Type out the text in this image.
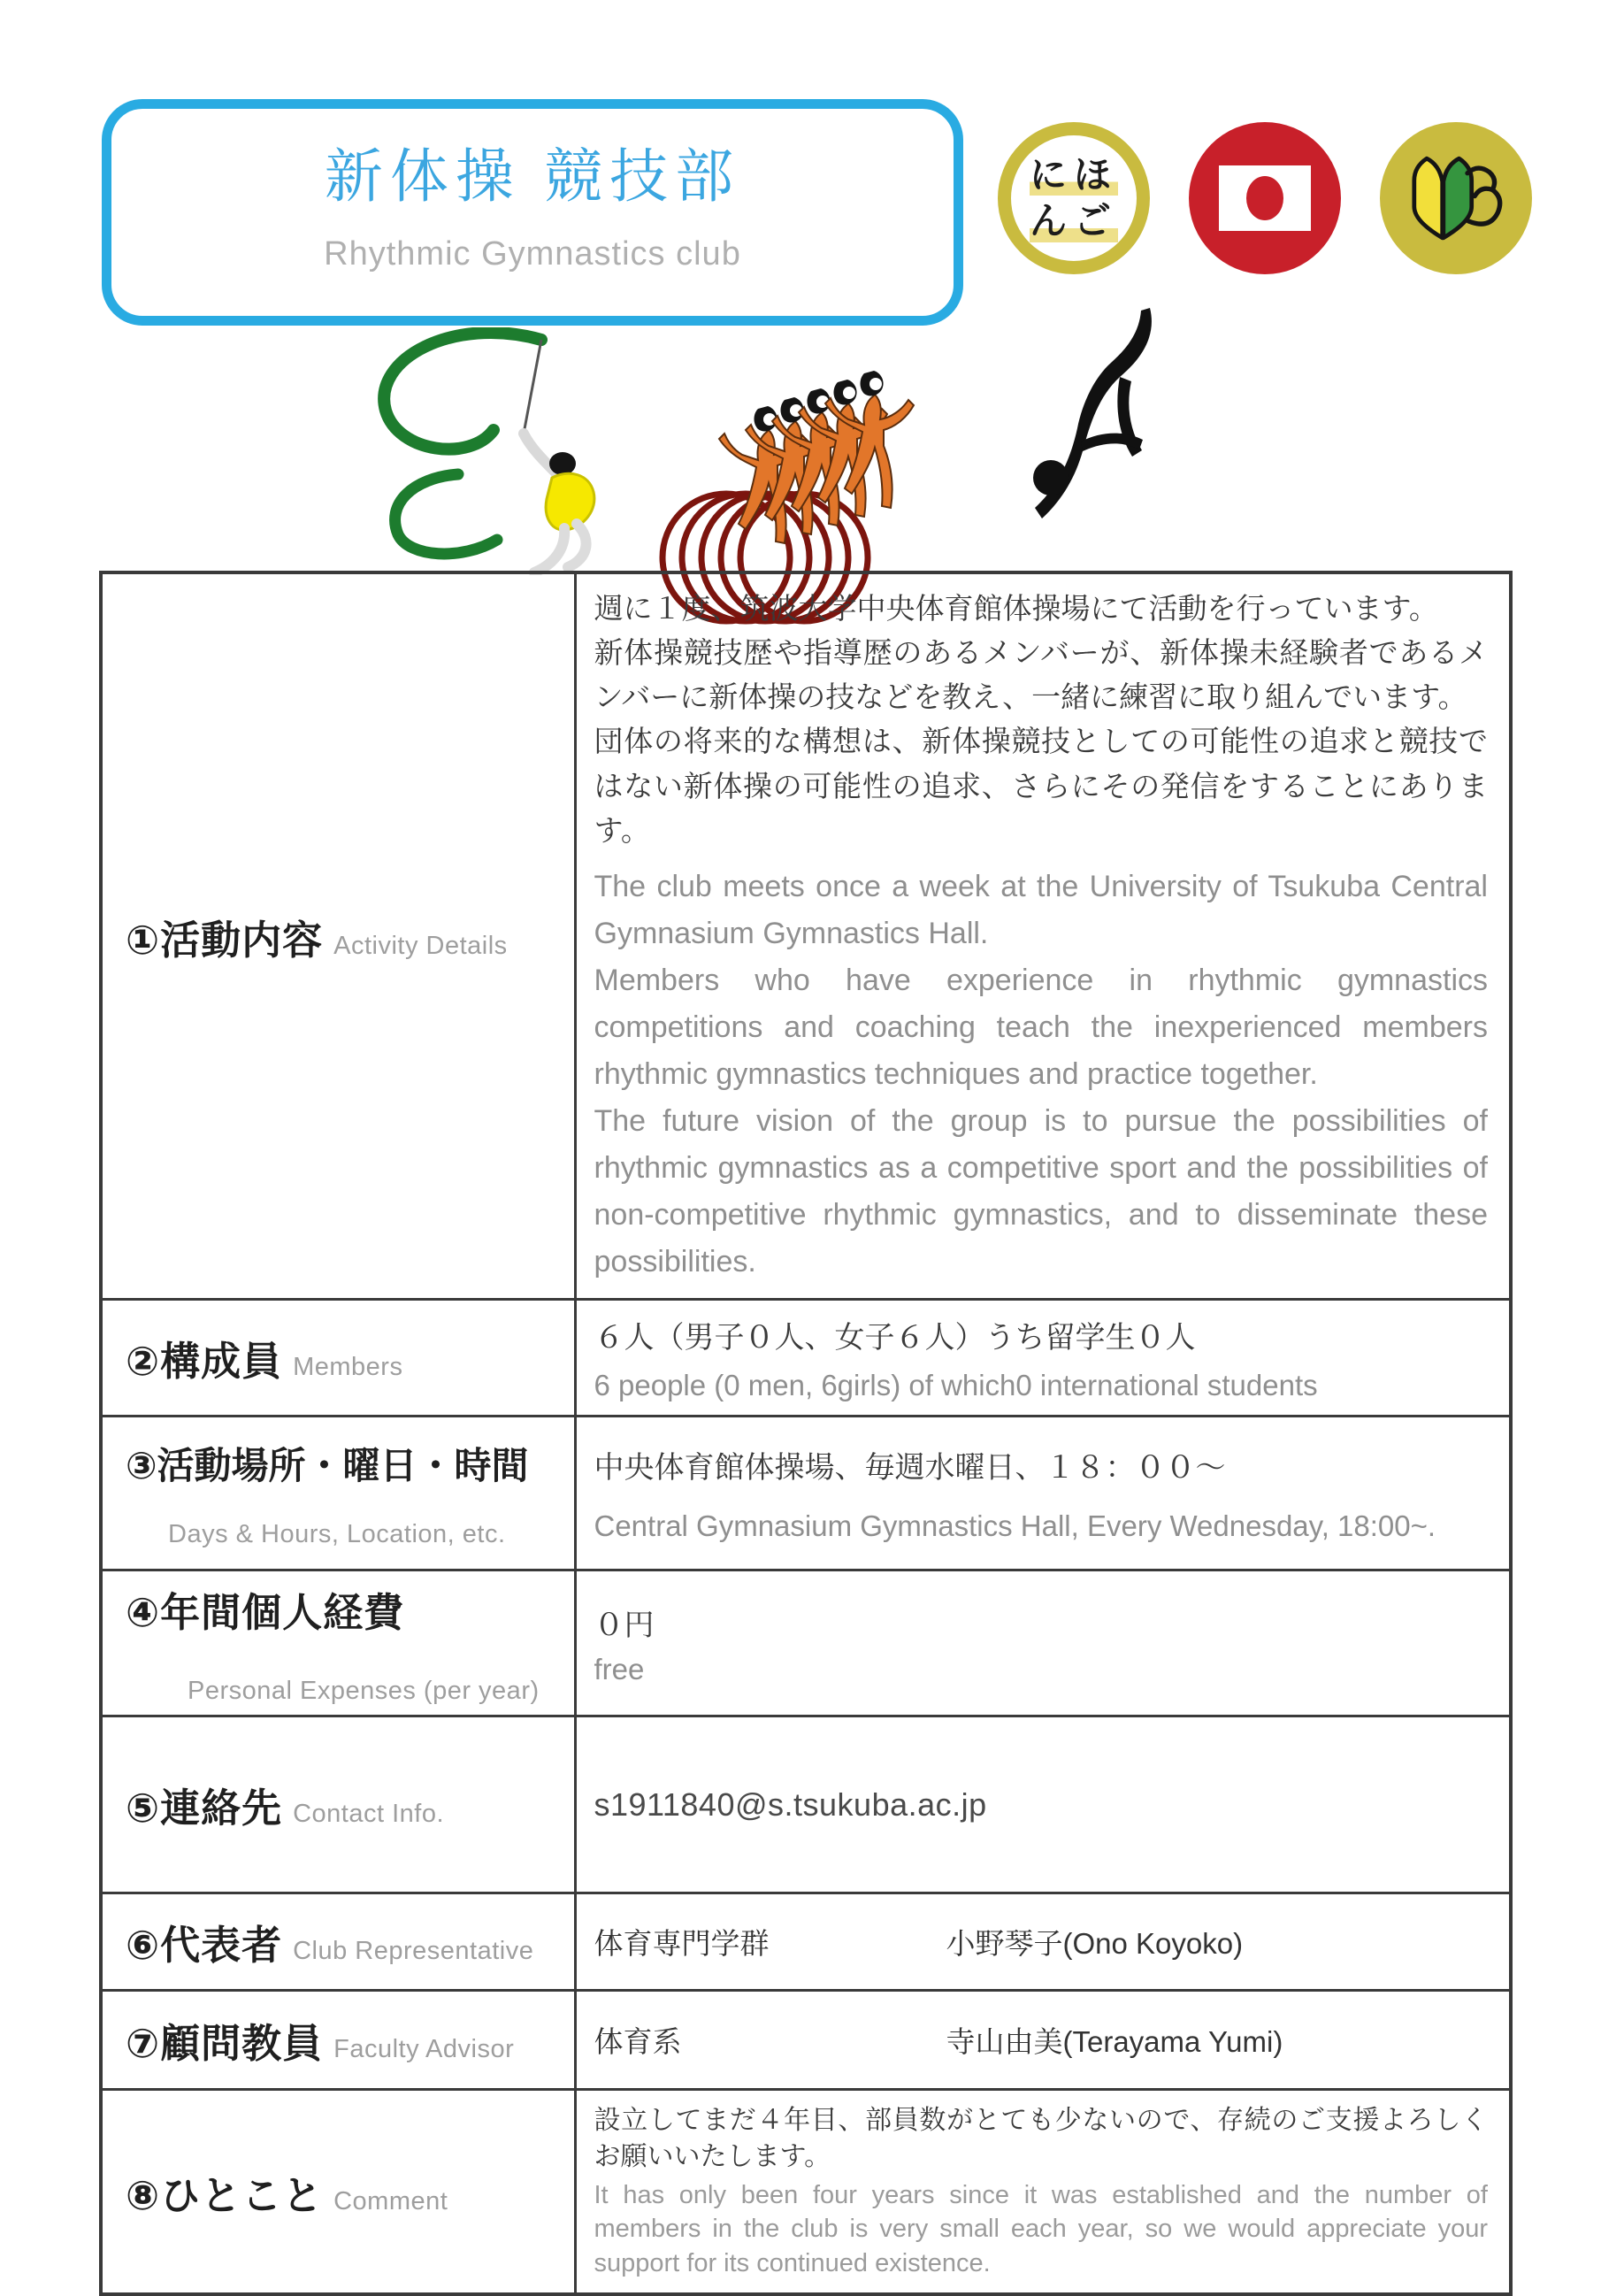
新体操 競技部
Rhythmic Gymnastics club
にほ
んご
①活動内容 Activity Details	

週に１度、筑波大学中央体育館体操場にて活動を行っています。

新体操競技歴や指導歴のあるメンバーが、新体操未経験者であるメンバーに新体操の技などを教え、一緒に練習に取り組んでいます。

団体の将来的な構想は、新体操競技としての可能性の追求と競技ではない新体操の可能性の追求、さらにその発信をすることにあります。

The club meets once a week at the University of Tsukuba Central Gymnasium Gymnastics Hall.

Members who have experience in rhythmic gymnastics competitions and coaching teach the inexperienced members rhythmic gymnastics techniques and practice together.

The future vision of the group is to pursue the possibilities of rhythmic gymnastics as a competitive sport and the possibilities of non-competitive rhythmic gymnastics, and to disseminate these possibilities.

②構成員 Members	６人（男子０人、女子６人）うち留学生０人

6 people (0 men, 6girls) of which0 international students

③活動場所・曜日・時間
Days & Hours, Location, etc.

中央体育館体操場、毎週水曜日、１８：００～

Central Gymnasium Gymnastics Hall, Every Wednesday, 18:00~.

④年間個人経費
Personal Expenses (per year)

０円

free

⑤連絡先 Contact Info.	s1911840@s.tsukuba.ac.jp
⑥代表者 Club Representative	体育専門学群 小野琴子(Ono Koyoko)
⑦顧問教員 Faculty Advisor	体育系 寺山由美(Terayama Yumi)
⑧ひとこと Comment	設立してまだ４年目、部員数がとても少ないので、存続のご支援よろしくお願いいたします。

It has only been four years since it was established and the number of members in the club is very small each year, so we would appreciate your support for its continued existence.
